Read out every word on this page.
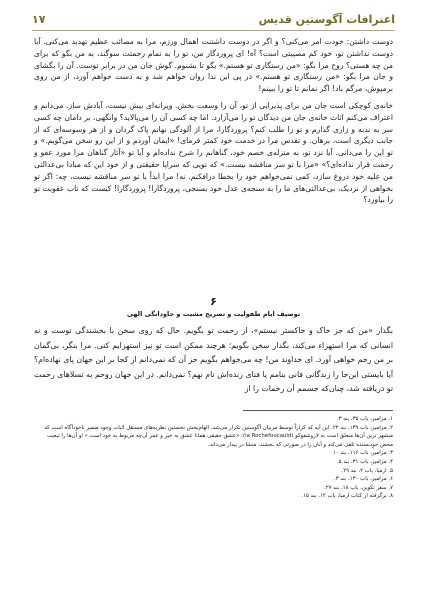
١٧	اعترافات آگوستین قدیس

دوست داشتن: خودت امر می‌کنی؟ و اگر در دوست داشتنت اهمال ورزم، مرا به مصائب عظیم تهدید می‌کنی. آیا دوست نداشتن تو، خود کم مصیبتی است؟ آه! ای پروردگار من، تو را به تمام رحمتت سوگند، به من بگو که برای من چه هستی؟ روح مرا بگو: «من رستگاری تو هستم.» بگو تا بشنوم. گوش جان من در برابر توست. آن را بگشای و جان مرا بگو: «من رستگاری تو هستم.» در پی این ندا روان خواهم شد و به دست خواهم آورد، از من روی برمپوش، مرگم باد! اگر نمانم تا تو را ببینم!

خانه‌ی کوچکی است جان من برای پذیرایی از تو، آن را وسعت بخش. ویرانه‌ای بیش نیست، آبادش ساز. می‌دانم و اعتراف می‌کنم اثاث خانه‌ی جان من دیدگان تو را می‌آزارد. اما چه کسی آن را می‌پالاید؟ وانگهی، بر دامان چه کسی سر به ندبه و زاری گذارم و تو را طلب کنم؟ پروردگارا، مرا از آلودگی نهانم پاک گردان و از هر وسوسه‌ای که از جانب دیگری است، برهان. و تقدس مرا در خدمت خود کمتر فرمای! «ایمان آوردم و از این رو سخن می‌گویم.» و تو این را می‌دانی. آیا نزد تو، به منزله‌ی خصم خود، گناهانم را شرح نداده‌ام و آیا تو «آثار گناهان مرا مورد عفو و رحمت قرار نداده‌ای؟» «مرا با تو سر مناقشه نیست.» که تویی که سراپا حقیقتی و از خود این که مبادا بی‌عدالتی من علیه خود دروغ سازد، کمی نمی‌خواهم خود را بخطا درافکنم. نه! مرا ابداً با تو سر مناقشه نیست، چه: اگر تو بخواهی از نزدیک، بی‌عدالتی‌های ما را به سنجه‌ی عدل خود بسنجی، پروردگارا! پروردگارا! کیست که تاب عقوبت تو را بیاورد؟

۶
توصیف ایام طفولیت و تصریح مشیت و جاودانگی الهی
بگذار «من که جز خاک و خاکستر نیستم»، از رحمت تو بگویم. حال که روی سخن با بخشندگی توست و نه انسانی که مرا استهزاء می‌کند، بگذار سخن بگویم؛ هرچند ممکن است تو نیز استهزایم کنی. مرا بنگر، بی‌گمان بر من رحم خواهی آورد. ای خداوند من! چه می‌خواهم بگویم جز آن که نمی‌دانم از کجا بر این جهان پای نهاده‌ام؟ آیا بایستی این‌جا را زندگانی فانی بنامم یا فنای زنده‌اش نام نهم؟ نمی‌دانم. در این جهان روحم به تسلاهای رحمت تو دریافته شد، چنان‌که جسمم آن رحمات را از

۱. مزامیر، باب ۳۵، بند ۳.

۲. مزامیر، باب ۱۳۹، بند ۲۴. این آیه که کراراً توسط مربیان آگوستین تکرار می‌شد، الهام‌بخش نخستین نظریه‌های مستقل اثبات وجود ضمیر ناخودآگاه است که منشهر ترین آن‌ها متعلق است به لاروشفوکو (la Rochefoucauld): «عشق حقیقی همانا عشق به خیر و عمر آن‌چه مربوط به خود است.» او آن‌ها را تبعیت محض خودبسنده تلقی می‌کند و آنان را در صورتی که بخشند، منشا در بیدار می‌داند.

۳. مزامیر، باب ۱۱۶، بند ۱۰.

۴. مزامیر، باب ۳۱، بند ۵.

۵. ارمیا، باب ۲، بند ۲۹.

۶. مزامیر، باب ۱۳۰، بند ۳.

۷. سفر تکوین، باب ۱۸، بند ۲۷.

۸. برگرفته از کتاب ارمیا، باب ۱۲، بند ۱۵.
